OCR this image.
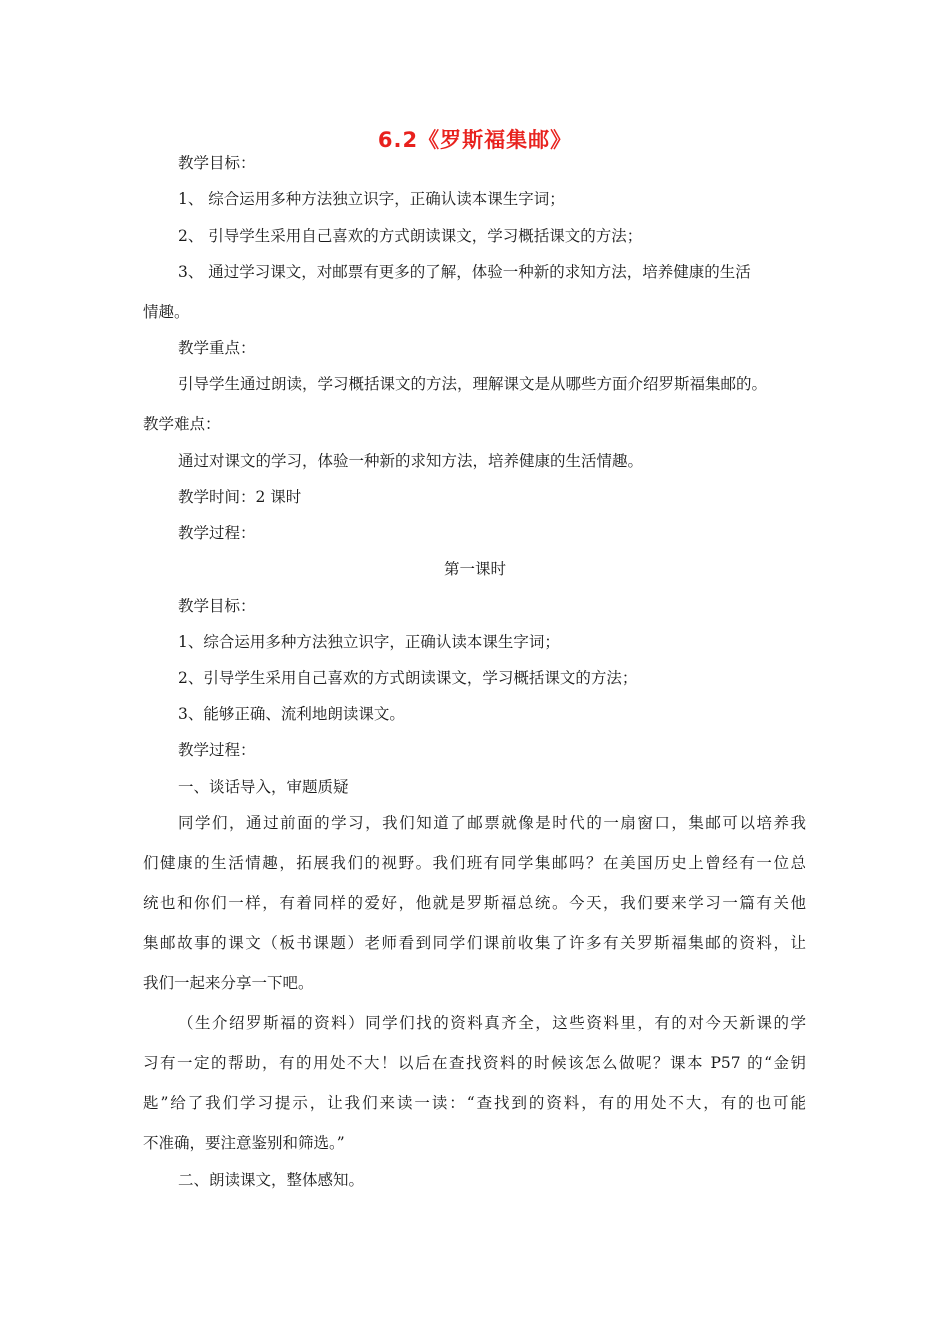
6.2《罗斯福集邮》
教学目标：
1、 综合运用多种方法独立识字，正确认读本课生字词；
2、 引导学生采用自己喜欢的方式朗读课文，学习概括课文的方法；
3、 通过学习课文，对邮票有更多的了解，体验一种新的求知方法，培养健康的生活
情趣。
教学重点：
引导学生通过朗读，学习概括课文的方法，理解课文是从哪些方面介绍罗斯福集邮的。
教学难点：
通过对课文的学习，体验一种新的求知方法，培养健康的生活情趣。
教学时间：2 课时
教学过程：
第一课时
教学目标：
1、综合运用多种方法独立识字，正确认读本课生字词；
2、引导学生采用自己喜欢的方式朗读课文，学习概括课文的方法；
3、能够正确、流利地朗读课文。
教学过程：
一、谈话导入，审题质疑
同学们，通过前面的学习，我们知道了邮票就像是时代的一扇窗口，集邮可以培养我
们健康的生活情趣，拓展我们的视野。我们班有同学集邮吗？在美国历史上曾经有一位总
统也和你们一样，有着同样的爱好，他就是罗斯福总统。今天，我们要来学习一篇有关他
集邮故事的课文（板书课题）老师看到同学们课前收集了许多有关罗斯福集邮的资料，让
我们一起来分享一下吧。
（生介绍罗斯福的资料）同学们找的资料真齐全，这些资料里，有的对今天新课的学
习有一定的帮助，有的用处不大！以后在查找资料的时候该怎么做呢？课本 P57 的“金钥
匙”给了我们学习提示，让我们来读一读：“查找到的资料，有的用处不大，有的也可能
不准确，要注意鉴别和筛选。”
二、朗读课文，整体感知。
